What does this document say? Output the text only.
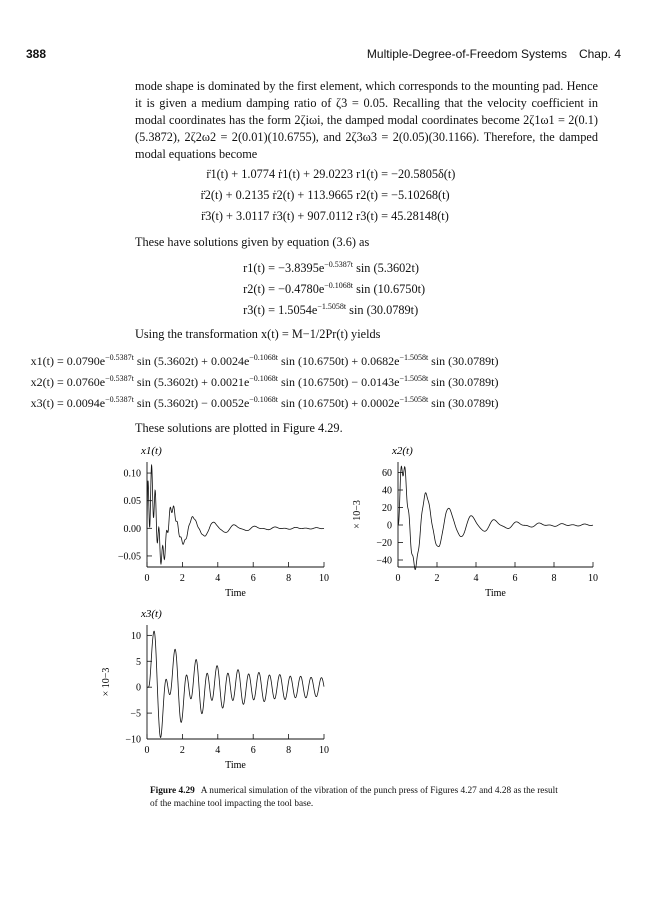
388	Multiple-Degree-of-Freedom Systems Chap. 4
mode shape is dominated by the first element, which corresponds to the mounting pad. Hence it is given a medium damping ratio of ζ3 = 0.05. Recalling that the velocity coefficient in modal coordinates has the form 2ζiωi, the damped modal coordinates become 2ζ1ω1 = 2(0.1)(5.3872), 2ζ2ω2 = 2(0.01)(10.6755), and 2ζ3ω3 = 2(0.05)(30.1166). Therefore, the damped modal equations become
r̈1(t) + 1.0774 ṙ1(t) + 29.0223 r1(t) = −20.5805δ(t)
r̈2(t) + 0.2135 ṙ2(t) + 113.9665 r2(t) = −5.10268(t)
r̈3(t) + 3.0117 ṙ3(t) + 907.0112 r3(t) = 45.28148(t)
These have solutions given by equation (3.6) as
$r1(t) = -3.8395e^{-0.5387t}$ sin (5.3602t)
$r2(t) = -0.4780e^{-0.1068t}$ sin (10.6750t)
$r3(t) = 1.5054e^{-1.5058t}$ sin (30.0789t)
Using the transformation x(t) = M−1/2Pr(t) yields
$x1(t) = 0.0790e^{-0.5387t}$ $\sin (5.3602t) + 0.0024e^{-0.1068t}$ $\sin (10.6750t) + 0.0682e^{-1.5058t}$ sin (30.0789t)
$x2(t) = 0.0760e^{-0.5387t}$ $\sin (5.3602t) + 0.0021e^{-0.1068t}$ $\sin (10.6750t) - 0.0143e^{-1.5058t}$ sin (30.0789t)
$x3(t) = 0.0094e^{-0.5387t}$ $\sin (5.3602t) - 0.0052e^{-0.1068t}$ $\sin (10.6750t) + 0.0002e^{-1.5058t}$ sin (30.0789t)
These solutions are plotted in Figure 4.29.
x1(t)
0.10
0.05
0.00
−0.05
0	2	4	6	8	10
Time
x2(t)
60
40
20
0
−20
−40
0	2	4	6	8	10
Time
× 10−3
x3(t)
10
5
0
−5
−10
0	2	4	6	8	10
Time
× 10−3
Figure 4.29 A numerical simulation of the vibration of the punch press of Figures 4.27 and 4.28 as the result of the machine tool impacting the tool base.
